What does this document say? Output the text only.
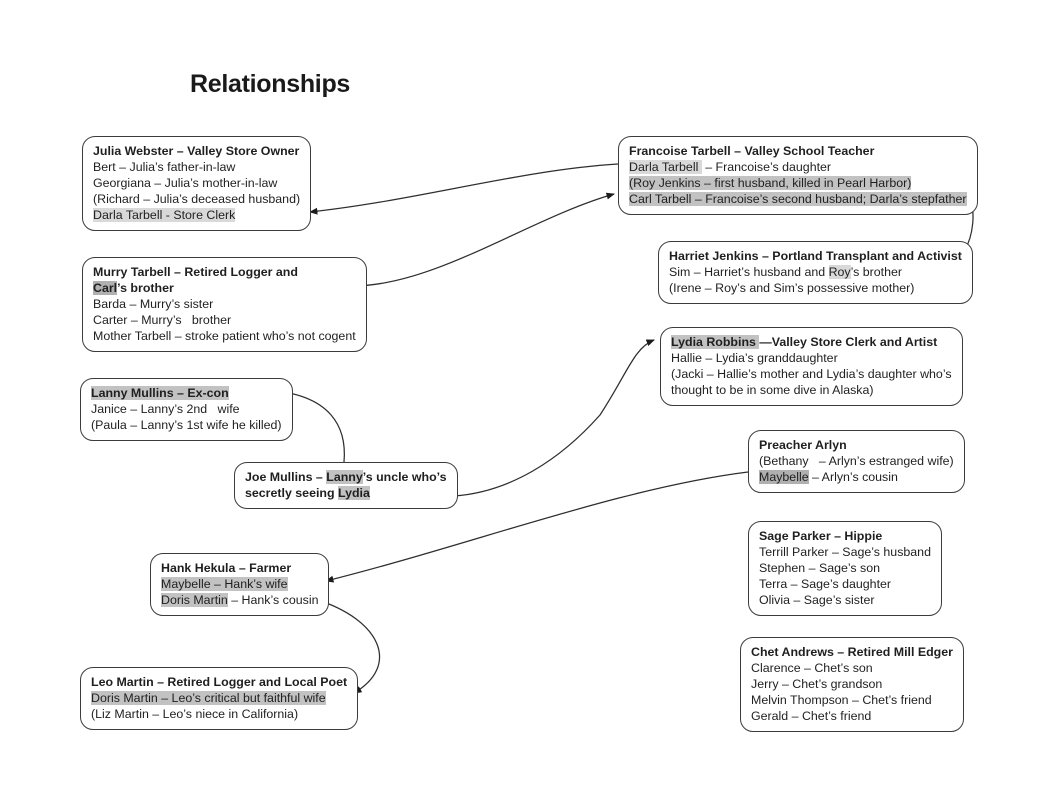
Relationships
Julia Webster – Valley Store Owner
Bert – Julia’s father-in-law
Georgiana – Julia’s mother-in-law
(Richard – Julia’s deceased husband)
Darla Tarbell - Store Clerk
Murry Tarbell – Retired Logger and
Carl’s brother
Barda – Murry’s sister
Carter – Murry’s   brother
Mother Tarbell – stroke patient who’s not cogent
Lanny Mullins – Ex-con
Janice – Lanny’s 2nd   wife
(Paula – Lanny’s 1st wife he killed)
Joe Mullins – Lanny’s uncle who’s
secretly seeing Lydia
Hank Hekula – Farmer
Maybelle – Hank’s wife
Doris Martin – Hank’s cousin
Leo Martin – Retired Logger and Local Poet
Doris Martin – Leo’s critical but faithful wife
(Liz Martin – Leo’s niece in California)
Francoise Tarbell – Valley School Teacher
Darla Tarbell  – Francoise’s daughter
(Roy Jenkins – first husband, killed in Pearl Harbor)
Carl Tarbell – Francoise’s second husband; Darla’s stepfather
Harriet Jenkins – Portland Transplant and Activist
Sim – Harriet’s husband and Roy’s brother
(Irene – Roy’s and Sim’s possessive mother)
Lydia Robbins —Valley Store Clerk and Artist
Hallie – Lydia’s granddaughter
(Jacki – Hallie’s mother and Lydia’s daughter who’s
thought to be in some dive in Alaska)
Preacher Arlyn
(Bethany   – Arlyn’s estranged wife)
Maybelle – Arlyn’s cousin
Sage Parker – Hippie
Terrill Parker – Sage’s husband
Stephen – Sage’s son
Terra – Sage’s daughter
Olivia – Sage’s sister
Chet Andrews – Retired Mill Edger
Clarence – Chet’s son
Jerry – Chet’s grandson
Melvin Thompson – Chet’s friend
Gerald – Chet’s friend
